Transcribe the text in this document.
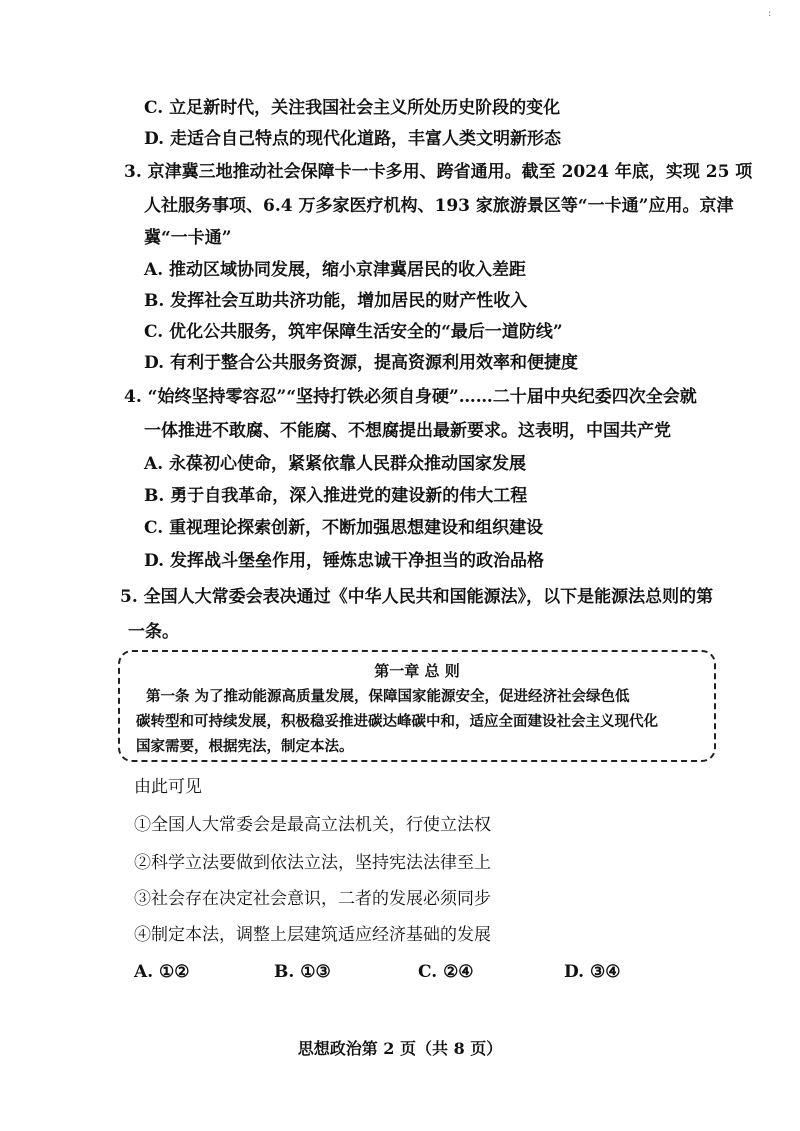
:
C. 立足新时代，关注我国社会主义所处历史阶段的变化
D. 走适合自己特点的现代化道路，丰富人类文明新形态
3. 京津冀三地推动社会保障卡一卡多用、跨省通用。截至 2024 年底，实现 25 项
人社服务事项、6.4 万多家医疗机构、193 家旅游景区等“一卡通”应用。京津
冀“一卡通”
A. 推动区域协同发展，缩小京津冀居民的收入差距
B. 发挥社会互助共济功能，增加居民的财产性收入
C. 优化公共服务，筑牢保障生活安全的“最后一道防线”
D. 有利于整合公共服务资源，提高资源利用效率和便捷度
4. “始终坚持零容忍”“坚持打铁必须自身硬”……二十届中央纪委四次全会就
一体推进不敢腐、不能腐、不想腐提出最新要求。这表明，中国共产党
A. 永葆初心使命，紧紧依靠人民群众推动国家发展
B. 勇于自我革命，深入推进党的建设新的伟大工程
C. 重视理论探索创新，不断加强思想建设和组织建设
D. 发挥战斗堡垒作用，锤炼忠诚干净担当的政治品格
5. 全国人大常委会表决通过《中华人民共和国能源法》，以下是能源法总则的第
一条。
第一章 总 则
第一条 为了推动能源高质量发展，保障国家能源安全，促进经济社会绿色低
碳转型和可持续发展，积极稳妥推进碳达峰碳中和，适应全面建设社会主义现代化
国家需要，根据宪法，制定本法。
由此可见
①全国人大常委会是最高立法机关，行使立法权
②科学立法要做到依法立法，坚持宪法法律至上
③社会存在决定社会意识，二者的发展必须同步
④制定本法，调整上层建筑适应经济基础的发展
A. ①②	B. ①③	C. ②④	D. ③④
思想政治第 2 页（共 8 页）
